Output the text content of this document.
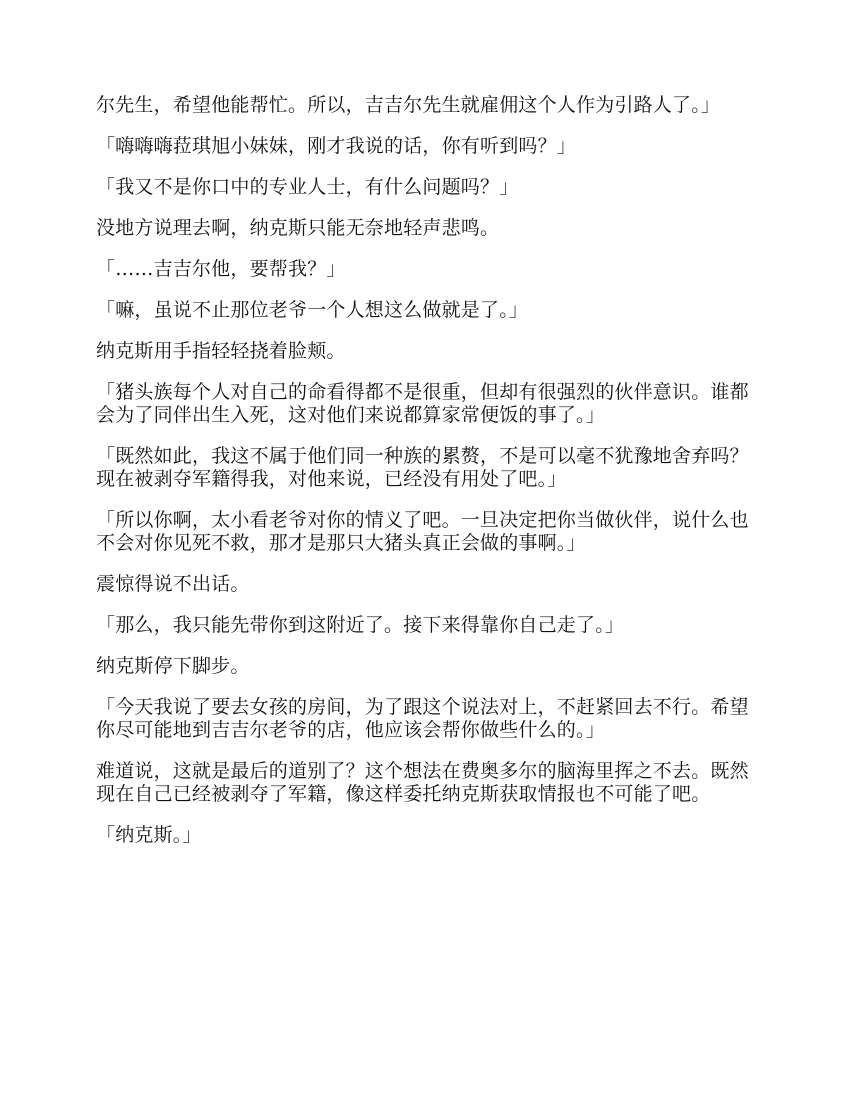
尔先生，希望他能帮忙。所以，吉吉尔先生就雇佣这个人作为引路人了。」

「嗨嗨嗨菈琪旭小妹妹，刚才我说的话，你有听到吗？」

「我又不是你口中的专业人士，有什么问题吗？」

没地方说理去啊，纳克斯只能无奈地轻声悲鸣。

「……吉吉尔他，要帮我？」

「嘛，虽说不止那位老爷一个人想这么做就是了。」

纳克斯用手指轻轻挠着脸颊。

「猪头族每个人对自己的命看得都不是很重，但却有很强烈的伙伴意识。谁都会为了同伴出生入死，这对他们来说都算家常便饭的事了。」

「既然如此，我这不属于他们同一种族的累赘，不是可以毫不犹豫地舍弃吗？现在被剥夺军籍得我，对他来说，已经没有用处了吧。」

「所以你啊，太小看老爷对你的情义了吧。一旦决定把你当做伙伴，说什么也不会对你见死不救，那才是那只大猪头真正会做的事啊。」

震惊得说不出话。

「那么，我只能先带你到这附近了。接下来得靠你自己走了。」

纳克斯停下脚步。

「今天我说了要去女孩的房间，为了跟这个说法对上，不赶紧回去不行。希望你尽可能地到吉吉尔老爷的店，他应该会帮你做些什么的。」

难道说，这就是最后的道别了？这个想法在费奥多尔的脑海里挥之不去。既然现在自己已经被剥夺了军籍，像这样委托纳克斯获取情报也不可能了吧。

「纳克斯。」
